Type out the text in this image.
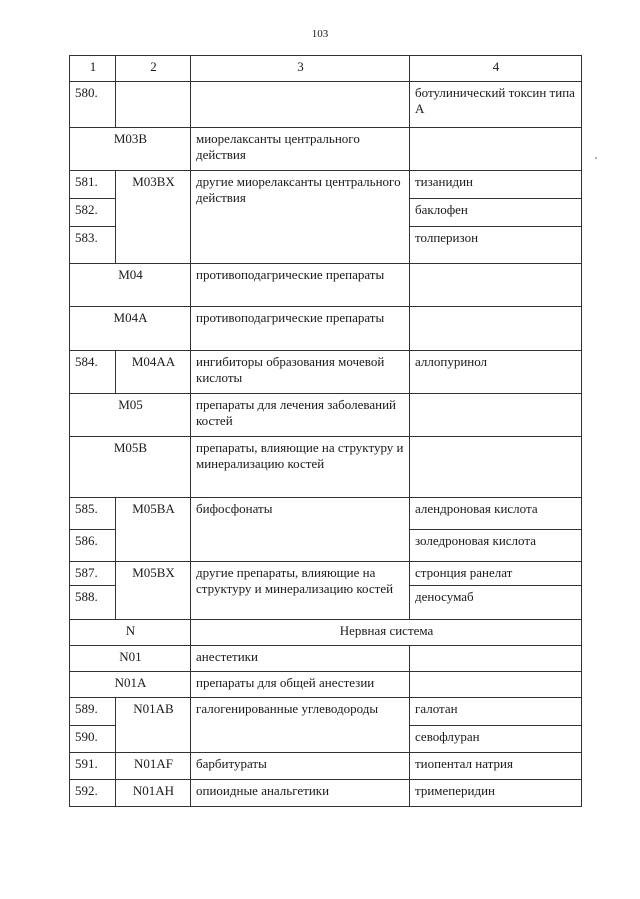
103
1	2	3	4
580.			ботулинический токсин типа А
M03B		миорелаксанты центрального действия	
581.	M03BX	другие миорелаксанты центрального действия	тизанидин
582.			баклофен
583.			толперизон
M04		противоподагрические препараты	
M04A		противоподагрические препараты	
584.	M04AA	ингибиторы образования мочевой кислоты	аллопуринол
M05		препараты для лечения заболеваний костей	
M05B		препараты, влияющие на структуру и минерализацию костей	
585.	M05BA	бифосфонаты	алендроновая кислота
586.			золедроновая кислота
587.	M05BX	другие препараты, влияющие на структуру и минерализацию костей	стронция ранелат
588.			деносумаб
N		Нервная система	
N01		анестетики	
N01A		препараты для общей анестезии	
589.	N01AB	галогенированные углеводороды	галотан
590.			севофлуран
591.	N01AF	барбитураты	тиопентал натрия
592.	N01AH	опиоидные анальгетики	тримеперидин
